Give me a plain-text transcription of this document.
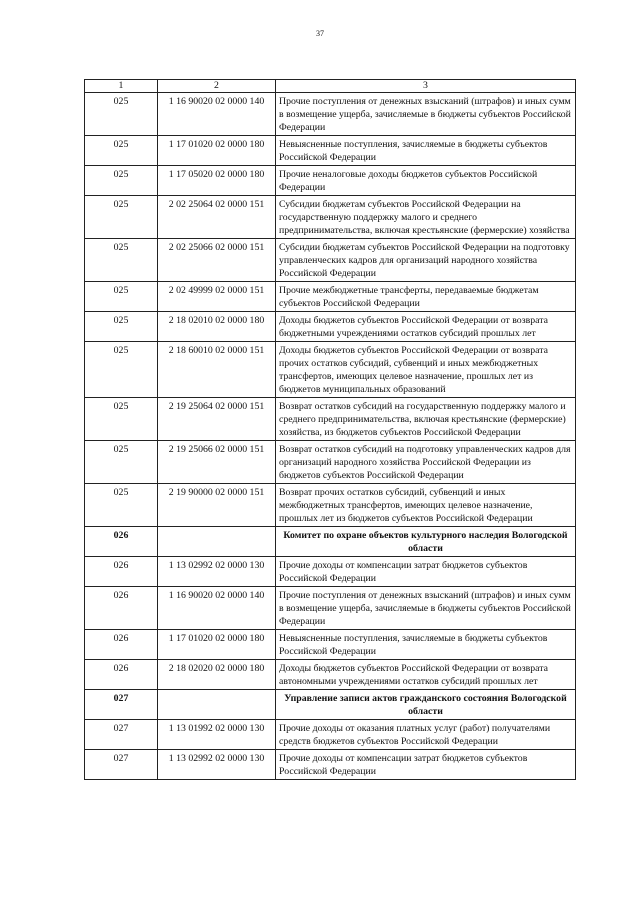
37
1	2	3
025	1 16 90020 02 0000 140	Прочие поступления от денежных взысканий (штрафов) и иных сумм в возмещение ущерба, зачисляемые в бюджеты субъектов Российской Федерации
025	1 17 01020 02 0000 180	Невыясненные поступления, зачисляемые в бюджеты субъектов Российской Федерации
025	1 17 05020 02 0000 180	Прочие неналоговые доходы бюджетов субъектов Российской Федерации
025	2 02 25064 02 0000 151	Субсидии бюджетам субъектов Российской Федерации на государственную поддержку малого и среднего предпринимательства, включая крестьянские (фермерские) хозяйства
025	2 02 25066 02 0000 151	Субсидии бюджетам субъектов Российской Федерации на подготовку управленческих кадров для организаций народного хозяйства Российской Федерации
025	2 02 49999 02 0000 151	Прочие межбюджетные трансферты, передаваемые бюджетам субъектов Российской Федерации
025	2 18 02010 02 0000 180	Доходы бюджетов субъектов Российской Федерации от возврата бюджетными учреждениями остатков субсидий прошлых лет
025	2 18 60010 02 0000 151	Доходы бюджетов субъектов Российской Федерации от возврата прочих остатков субсидий, субвенций и иных межбюджетных трансфертов, имеющих целевое назначение, прошлых лет из бюджетов муниципальных образований
025	2 19 25064 02 0000 151	Возврат остатков субсидий на государственную поддержку малого и среднего предпринимательства, включая крестьянские (фермерские) хозяйства, из бюджетов субъектов Российской Федерации
025	2 19 25066 02 0000 151	Возврат остатков субсидий на подготовку управленческих кадров для организаций народного хозяйства Российской Федерации из бюджетов субъектов Российской Федерации
025	2 19 90000 02 0000 151	Возврат прочих остатков субсидий, субвенций и иных межбюджетных трансфертов, имеющих целевое назначение, прошлых лет из бюджетов субъектов Российской Федерации
026		Комитет по охране объектов культурного наследия Вологодской области
026	1 13 02992 02 0000 130	Прочие доходы от компенсации затрат бюджетов субъектов Российской Федерации
026	1 16 90020 02 0000 140	Прочие поступления от денежных взысканий (штрафов) и иных сумм в возмещение ущерба, зачисляемые в бюджеты субъектов Российской Федерации
026	1 17 01020 02 0000 180	Невыясненные поступления, зачисляемые в бюджеты субъектов Российской Федерации
026	2 18 02020 02 0000 180	Доходы бюджетов субъектов Российской Федерации от возврата автономными учреждениями остатков субсидий прошлых лет
027		Управление записи актов гражданского состояния Вологодской области
027	1 13 01992 02 0000 130	Прочие доходы от оказания платных услуг (работ) получателями средств бюджетов субъектов Российской Федерации
027	1 13 02992 02 0000 130	Прочие доходы от компенсации затрат бюджетов субъектов Российской Федерации
